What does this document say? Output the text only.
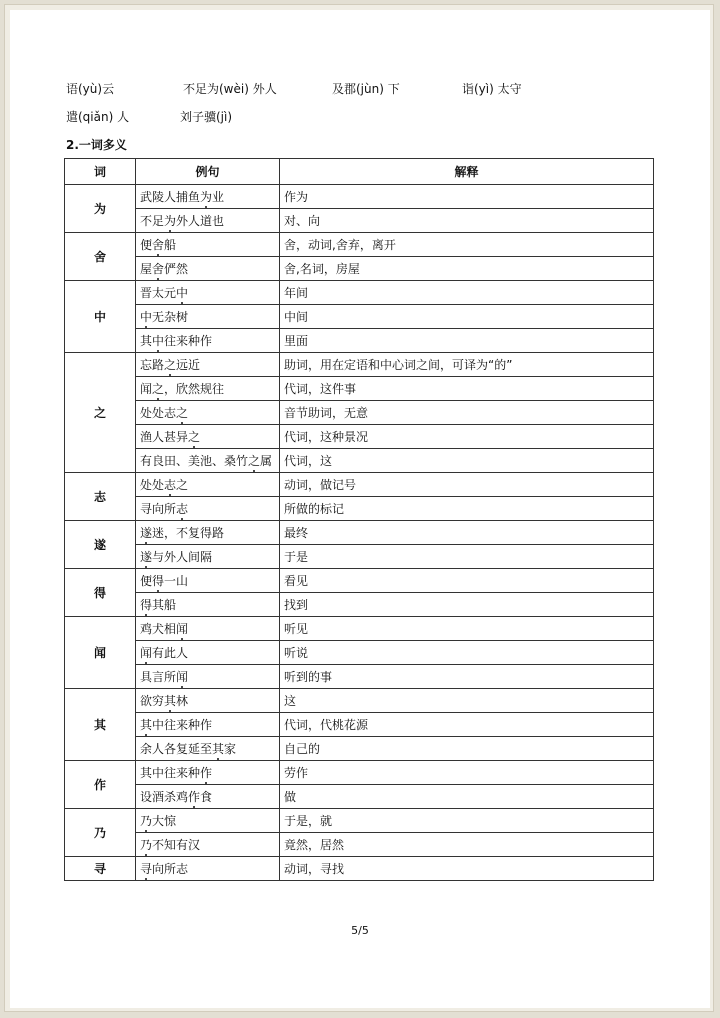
语(yù)云	不足为(wèi) 外人	及郡(jùn) 下	诣(yì) 太守
遣(qiǎn) 人	刘子骥(jì)
2.一词多义
词	例句	解释
为	武陵人捕鱼为业	作为
	不足为外人道也	对、向
舍	便舍船	舍，动词,舍弃，离开
	屋舍俨然	舍,名词，房屋
中	晋太元中	年间
	中无杂树	中间
	其中往来种作	里面
之	忘路之远近	助词，用在定语和中心词之间，可译为“的”
	闻之，欣然规往	代词，这件事
	处处志之	音节助词，无意
	渔人甚异之	代词，这种景况
	有良田、美池、桑竹之属	代词，这
志	处处志之	动词，做记号
	寻向所志	所做的标记
遂	遂迷，不复得路	最终
	遂与外人间隔	于是
得	便得一山	看见
	得其船	找到
闻	鸡犬相闻	听见
	闻有此人	听说
	具言所闻	听到的事
其	欲穷其林	这
	其中往来种作	代词，代桃花源
	余人各复延至其家	自己的
作	其中往来种作	劳作
	设酒杀鸡作食	做
乃	乃大惊	于是，就
	乃不知有汉	竟然，居然
寻	寻向所志	动词，寻找
5/5
